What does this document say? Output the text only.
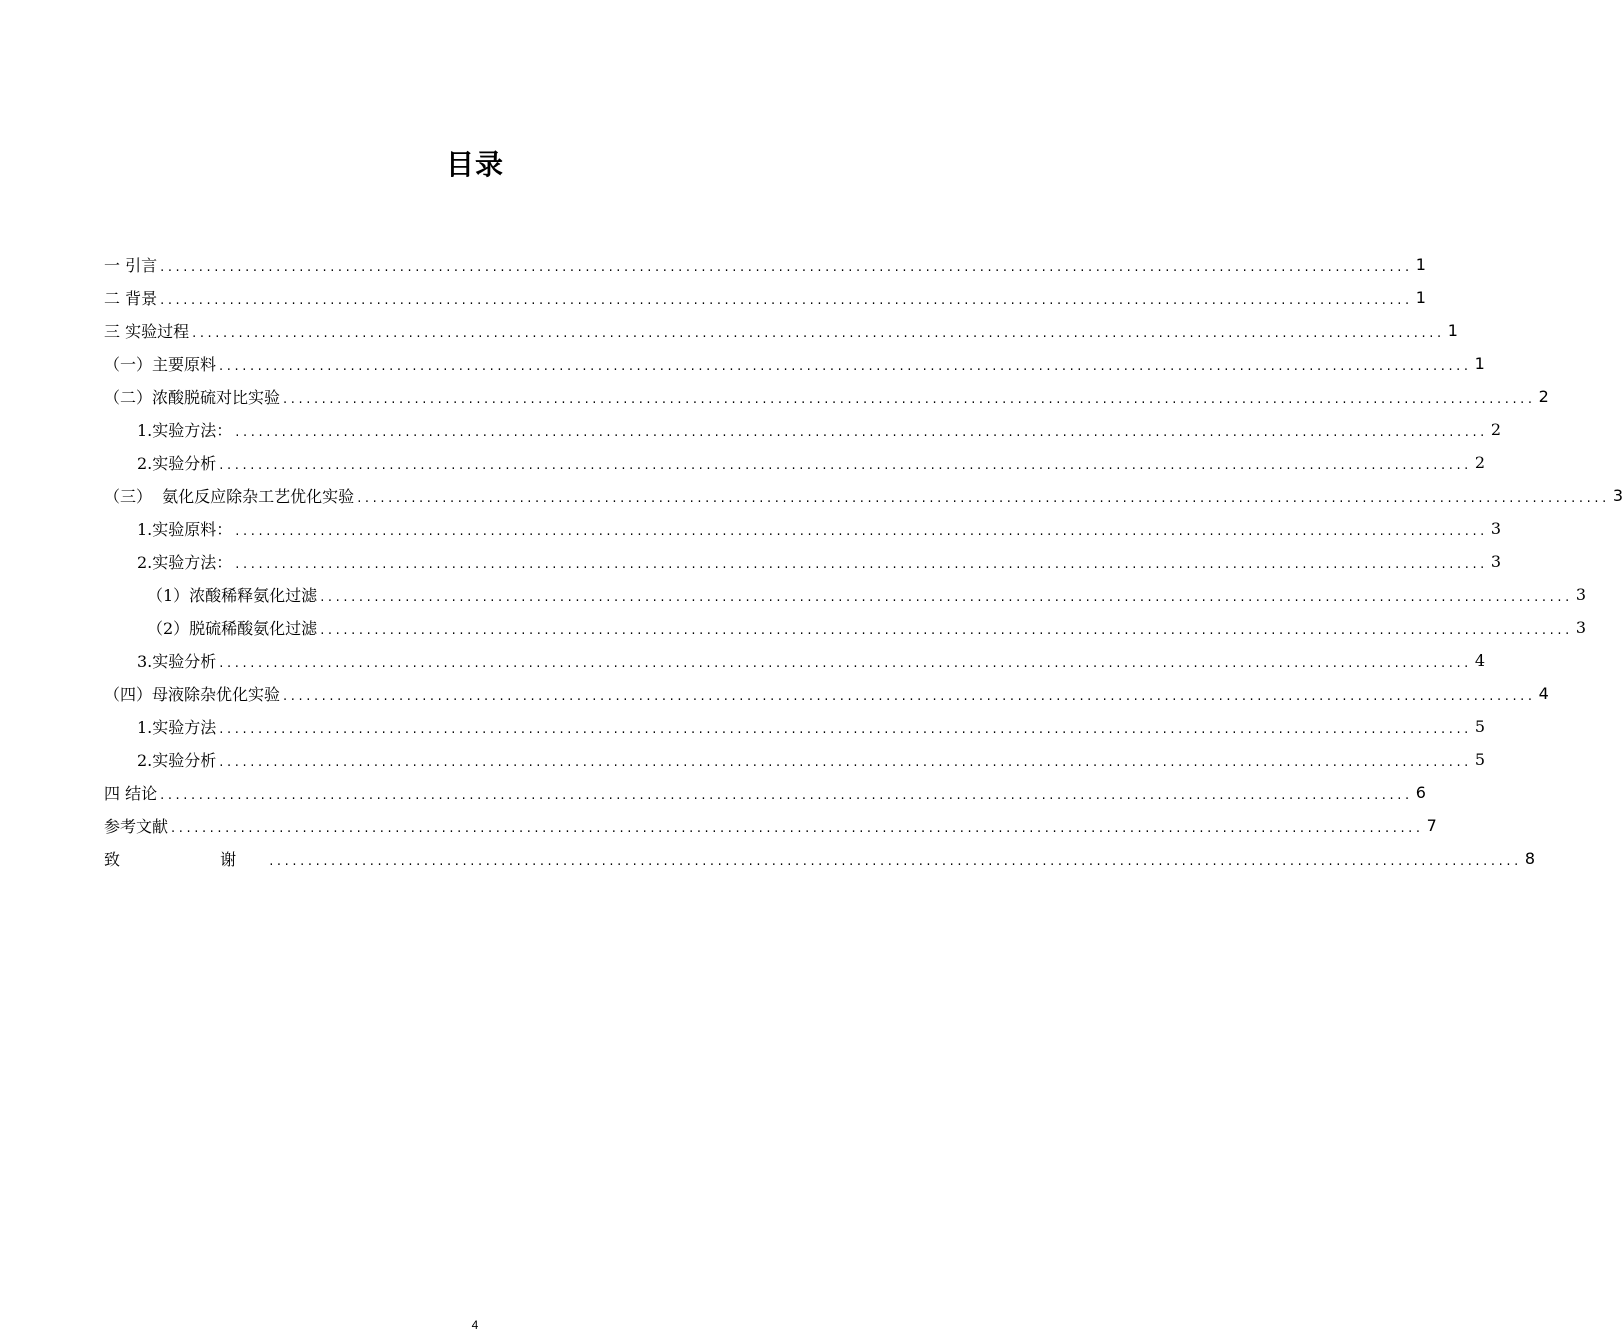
目录
一 引言 .................................................................................................................................................................. 1
二 背景 .................................................................................................................................................................. 1
三 实验过程 .................................................................................................................................................................. 1
（一）主要原料 .................................................................................................................................................................. 1
（二）浓酸脱硫对比实验 .................................................................................................................................................................. 2
1.实验方法： .................................................................................................................................................................. 2
2.实验分析 .................................................................................................................................................................. 2
（三）  氨化反应除杂工艺优化实验 .................................................................................................................................................................. 3
1.实验原料： .................................................................................................................................................................. 3
2.实验方法： .................................................................................................................................................................. 3
（1）浓酸稀释氨化过滤 .................................................................................................................................................................. 3
（2）脱硫稀酸氨化过滤 .................................................................................................................................................................. 3
3.实验分析 .................................................................................................................................................................. 4
（四）母液除杂优化实验 .................................................................................................................................................................. 4
1.实验方法 .................................................................................................................................................................. 5
2.实验分析 .................................................................................................................................................................. 5
四 结论 .................................................................................................................................................................. 6
参考文献 .................................................................................................................................................................. 7
致  谢 .................................................................................................................................................................. 8
4
